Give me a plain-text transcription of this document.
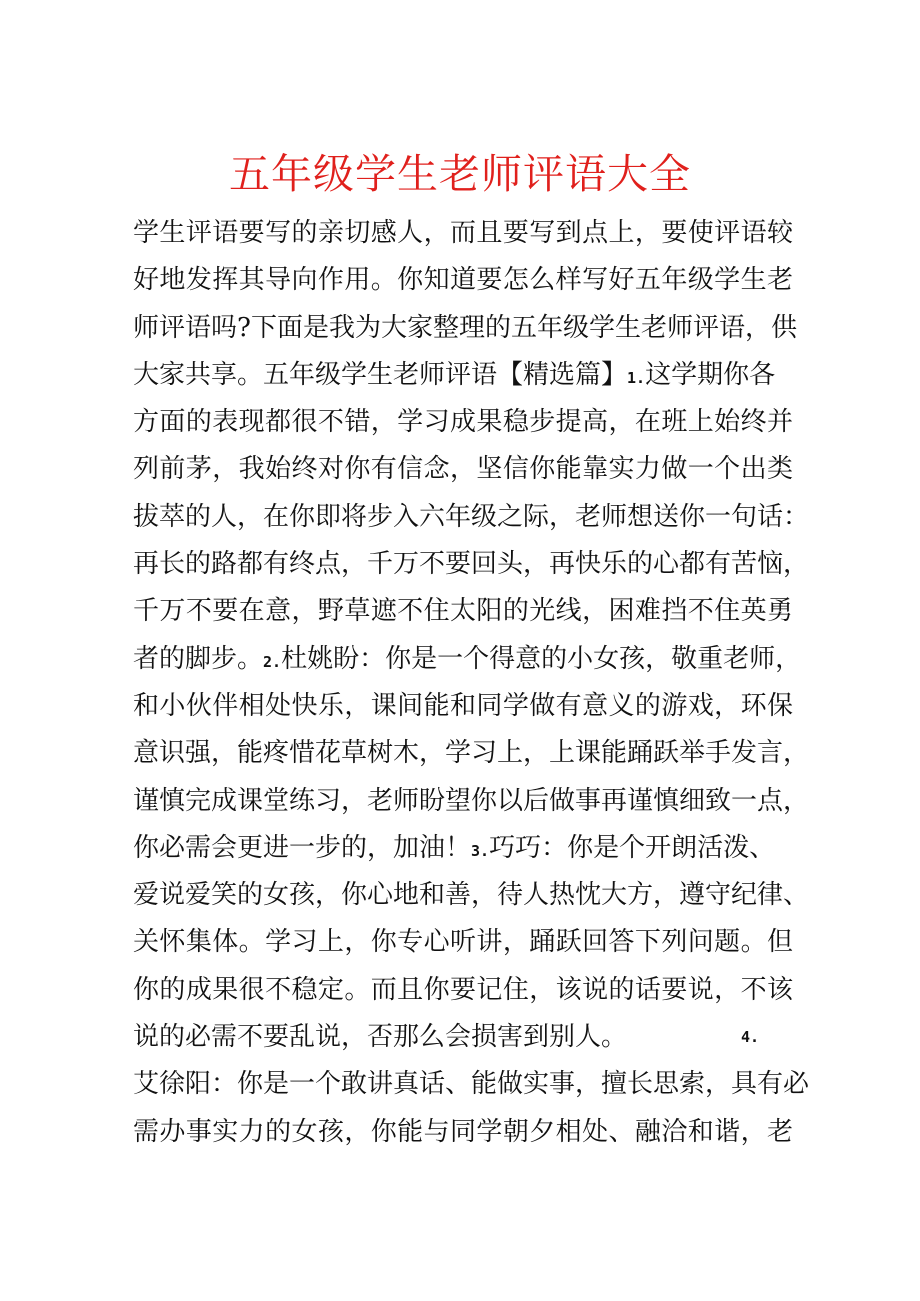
五年级学生老师评语大全
学生评语要写的亲切感人，而且要写到点上，要使评语较
好地发挥其导向作用。你知道要怎么样写好五年级学生老
师评语吗?下面是我为大家整理的五年级学生老师评语，供
大家共享。五年级学生老师评语【精选篇】1.这学期你各
方面的表现都很不错，学习成果稳步提高，在班上始终并
列前茅，我始终对你有信念，坚信你能靠实力做一个出类
拔萃的人，在你即将步入六年级之际，老师想送你一句话：
再长的路都有终点，千万不要回头，再快乐的心都有苦恼，
千万不要在意，野草遮不住太阳的光线，困难挡不住英勇
者的脚步。2.杜姚盼：你是一个得意的小女孩，敬重老师，
和小伙伴相处快乐，课间能和同学做有意义的游戏，环保
意识强，能疼惜花草树木，学习上，上课能踊跃举手发言，
谨慎完成课堂练习，老师盼望你以后做事再谨慎细致一点，
你必需会更进一步的，加油！3.巧巧：你是个开朗活泼、
爱说爱笑的女孩，你心地和善，待人热忱大方，遵守纪律、
关怀集体。学习上，你专心听讲，踊跃回答下列问题。但
你的成果很不稳定。而且你要记住，该说的话要说，不该
说的必需不要乱说，否那么会损害到别人。	4.
艾徐阳：你是一个敢讲真话、能做实事，擅长思索，具有必
需办事实力的女孩，你能与同学朝夕相处、融洽和谐，老
